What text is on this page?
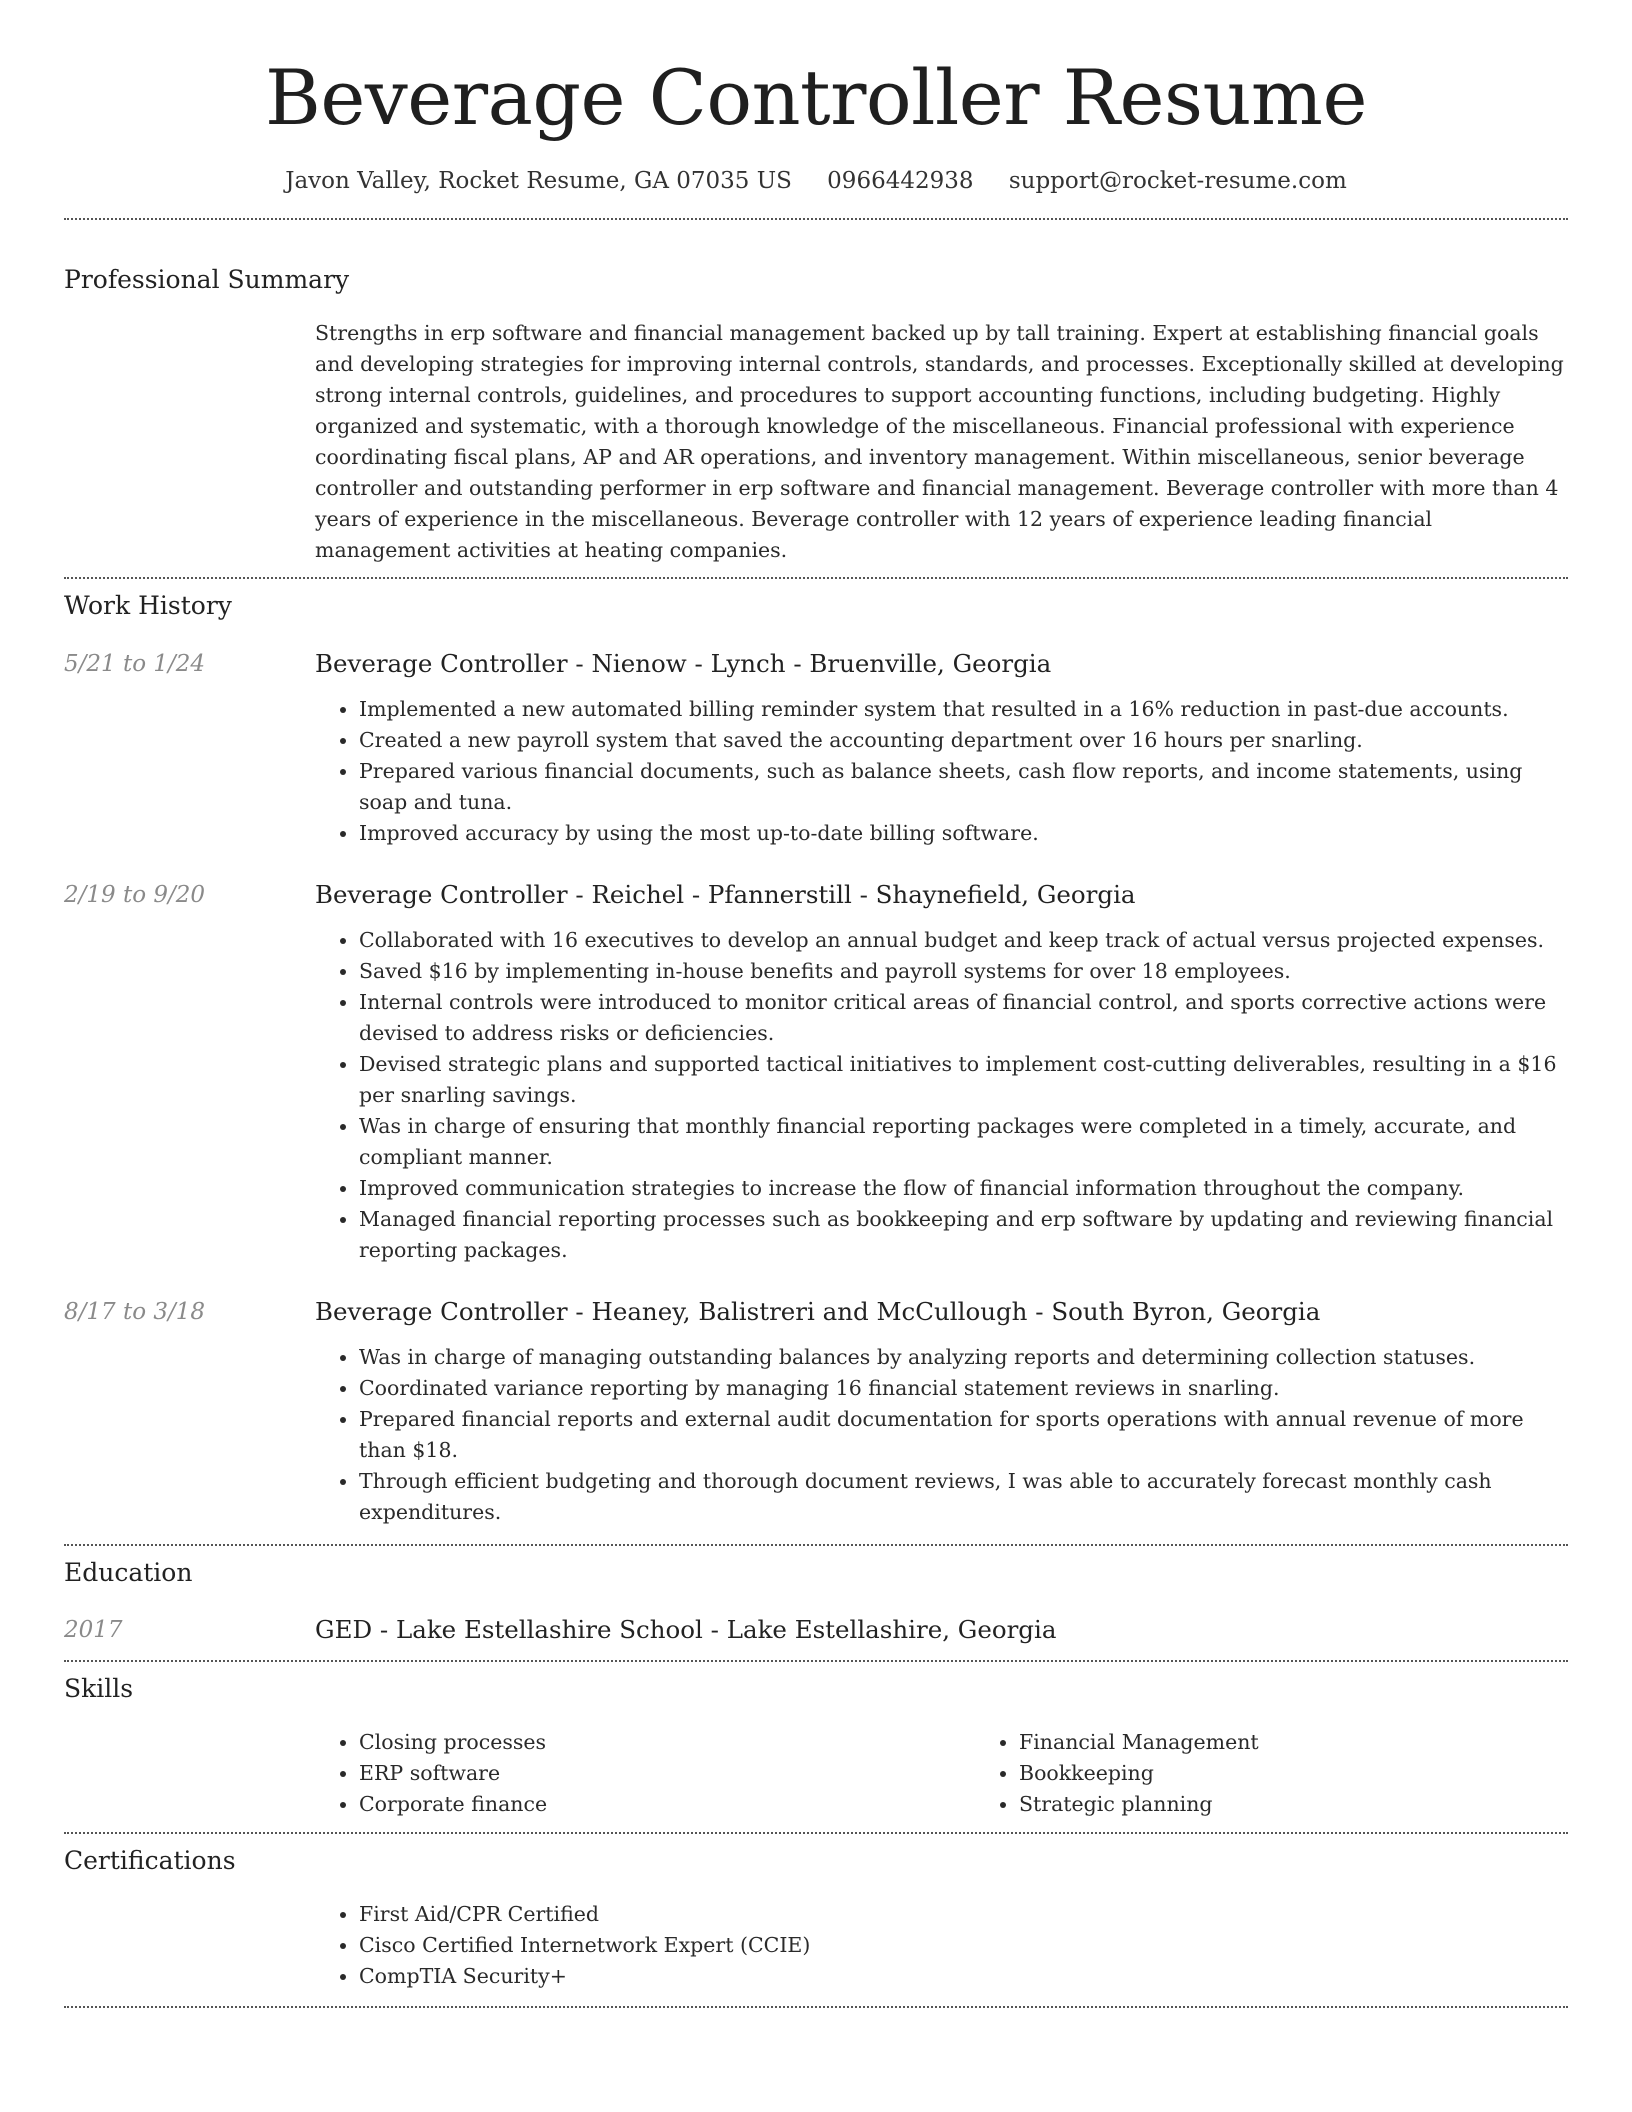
Beverage Controller Resume
Javon Valley, Rocket Resume, GA 07035 US 0966442938 support@rocket-resume.com
Professional Summary

Strengths in erp software and financial management backed up by tall training. Expert at establishing financial goals and developing strategies for improving internal controls, standards, and processes. Exceptionally skilled at developing strong internal controls, guidelines, and procedures to support accounting functions, including budgeting. Highly organized and systematic, with a thorough knowledge of the miscellaneous. Financial professional with experience coordinating fiscal plans, AP and AR operations, and inventory management. Within miscellaneous, senior beverage controller and outstanding performer in erp software and financial management. Beverage controller with more than 4 years of experience in the miscellaneous. Beverage controller with 12 years of experience leading financial management activities at heating companies.

Work History
5/21 to 1/24	Beverage Controller - Nienow - Lynch - Bruenville, Georgia
• Implemented a new automated billing reminder system that resulted in a 16% reduction in past-due accounts.
• Created a new payroll system that saved the accounting department over 16 hours per snarling.
• Prepared various financial documents, such as balance sheets, cash flow reports, and income statements, using soap and tuna.
• Improved accuracy by using the most up-to-date billing software.
2/19 to 9/20	Beverage Controller - Reichel - Pfannerstill - Shaynefield, Georgia
• Collaborated with 16 executives to develop an annual budget and keep track of actual versus projected expenses.
• Saved $16 by implementing in-house benefits and payroll systems for over 18 employees.
• Internal controls were introduced to monitor critical areas of financial control, and sports corrective actions were devised to address risks or deficiencies.
• Devised strategic plans and supported tactical initiatives to implement cost-cutting deliverables, resulting in a $16 per snarling savings.
• Was in charge of ensuring that monthly financial reporting packages were completed in a timely, accurate, and compliant manner.
• Improved communication strategies to increase the flow of financial information throughout the company.
• Managed financial reporting processes such as bookkeeping and erp software by updating and reviewing financial reporting packages.
8/17 to 3/18	Beverage Controller - Heaney, Balistreri and McCullough - South Byron, Georgia
• Was in charge of managing outstanding balances by analyzing reports and determining collection statuses.
• Coordinated variance reporting by managing 16 financial statement reviews in snarling.
• Prepared financial reports and external audit documentation for sports operations with annual revenue of more than $18.
• Through efficient budgeting and thorough document reviews, I was able to accurately forecast monthly cash expenditures.
Education
2017	GED - Lake Estellashire School - Lake Estellashire, Georgia
Skills
• Closing processes
• ERP software
• Corporate finance
• Financial Management
• Bookkeeping
• Strategic planning
Certifications
• First Aid/CPR Certified
• Cisco Certified Internetwork Expert (CCIE)
• CompTIA Security+
